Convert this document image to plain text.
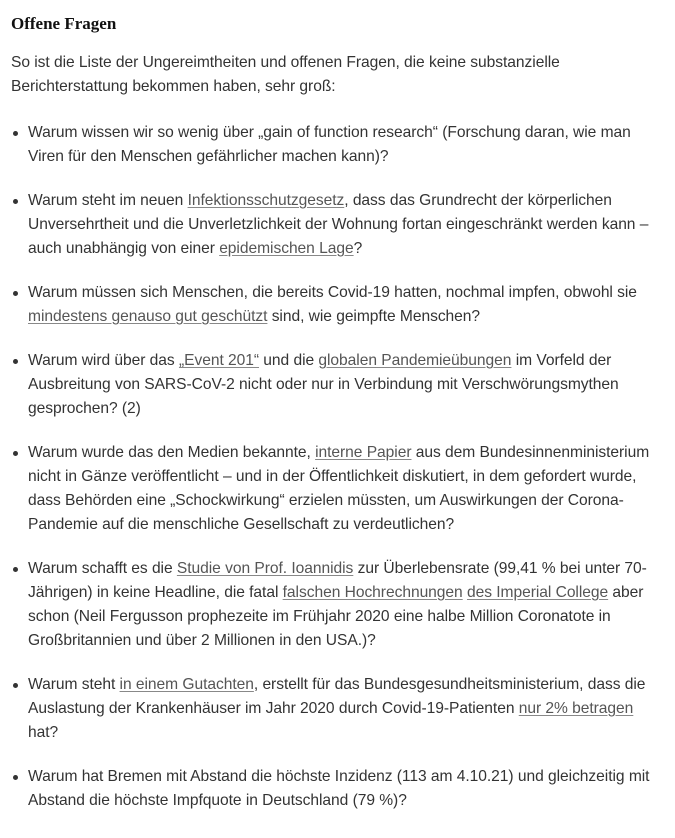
Offene Fragen

So ist die Liste der Ungereimtheiten und offenen Fragen, die keine substanzielle Berichterstattung bekommen haben, sehr groß:

Warum wissen wir so wenig über „gain of function research“ (Forschung daran, wie man Viren für den Menschen gefährlicher machen kann)?
Warum steht im neuen Infektionsschutzgesetz, dass das Grundrecht der körperlichen Unversehrtheit und die Unverletzlichkeit der Wohnung fortan eingeschränkt werden kann – auch unabhängig von einer epidemischen Lage?
Warum müssen sich Menschen, die bereits Covid-19 hatten, nochmal impfen, obwohl sie mindestens genauso gut geschützt sind, wie geimpfte Menschen?
Warum wird über das „Event 201“ und die globalen Pandemieübungen im Vorfeld der Ausbreitung von SARS-CoV-2 nicht oder nur in Verbindung mit Verschwörungsmythen gesprochen? (2)
Warum wurde das den Medien bekannte, interne Papier aus dem Bundesinnenministerium nicht in Gänze veröffentlicht – und in der Öffentlichkeit diskutiert, in dem gefordert wurde, dass Behörden eine „Schockwirkung“ erzielen müssten, um Auswirkungen der Corona-Pandemie auf die menschliche Gesellschaft zu verdeutlichen?
Warum schafft es die Studie von Prof. Ioannidis zur Überlebensrate (99,41 % bei unter 70-Jährigen) in keine Headline, die fatal falschen Hochrechnungen des Imperial College aber schon (Neil Fergusson prophezeite im Frühjahr 2020 eine halbe Million Coronatote in Großbritannien und über 2 Millionen in den USA.)?
Warum steht in einem Gutachten, erstellt für das Bundesgesundheitsministerium, dass die Auslastung der Krankenhäuser im Jahr 2020 durch Covid-19-Patienten nur 2% betragen hat?
Warum hat Bremen mit Abstand die höchste Inzidenz (113 am 4.10.21) und gleichzeitig mit Abstand die höchste Impfquote in Deutschland (79 %)?
